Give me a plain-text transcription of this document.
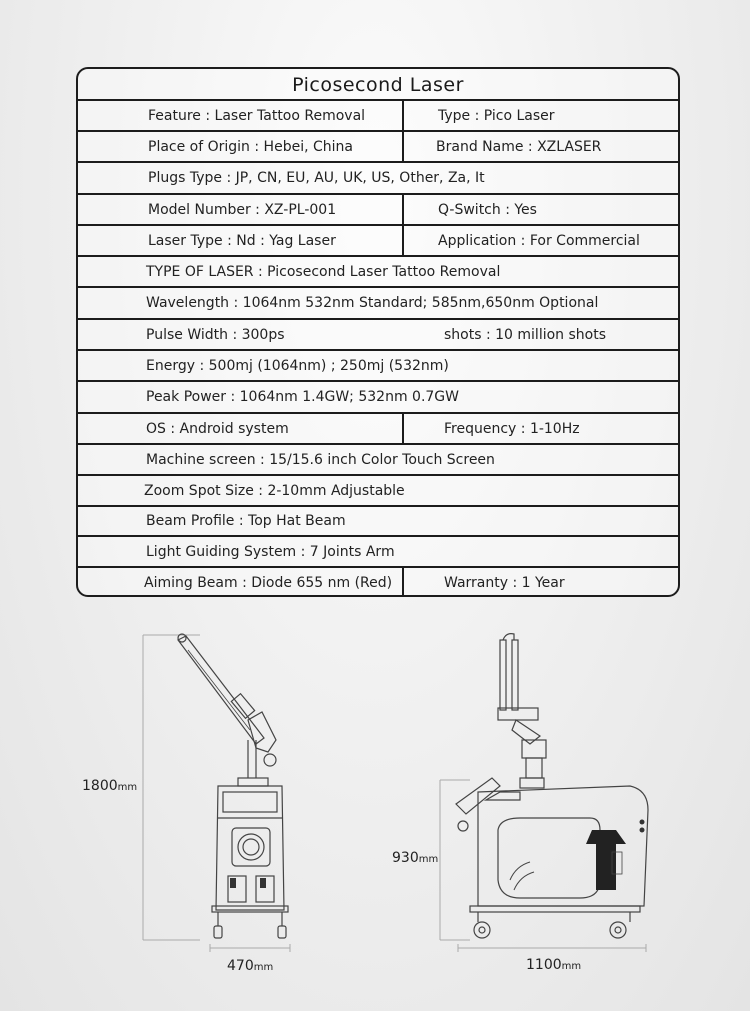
Picosecond Laser
Feature : Laser Tattoo Removal	Type : Pico Laser
Place of Origin : Hebei, China	Brand Name : XZLASER
Plugs Type : JP, CN, EU, AU, UK, US, Other, Za, It
Model Number : XZ-PL-001	Q-Switch : Yes
Laser Type : Nd : Yag Laser	Application : For Commercial
TYPE OF LASER : Picosecond Laser Tattoo Removal
Wavelength : 1064nm 532nm Standard; 585nm,650nm Optional
Pulse Width : 300ps	shots : 10 million shots
Energy : 500mj (1064nm) ; 250mj (532nm)
Peak Power : 1064nm 1.4GW; 532nm 0.7GW
OS : Android system	Frequency : 1-10Hz
Machine screen : 15/15.6 inch Color Touch Screen
Zoom Spot Size : 2-10mm Adjustable
Beam Profile : Top Hat Beam
Light Guiding System : 7 Joints Arm
Aiming Beam : Diode 655 nm (Red)	Warranty : 1 Year
1800mm
470mm
930mm
1100mm
